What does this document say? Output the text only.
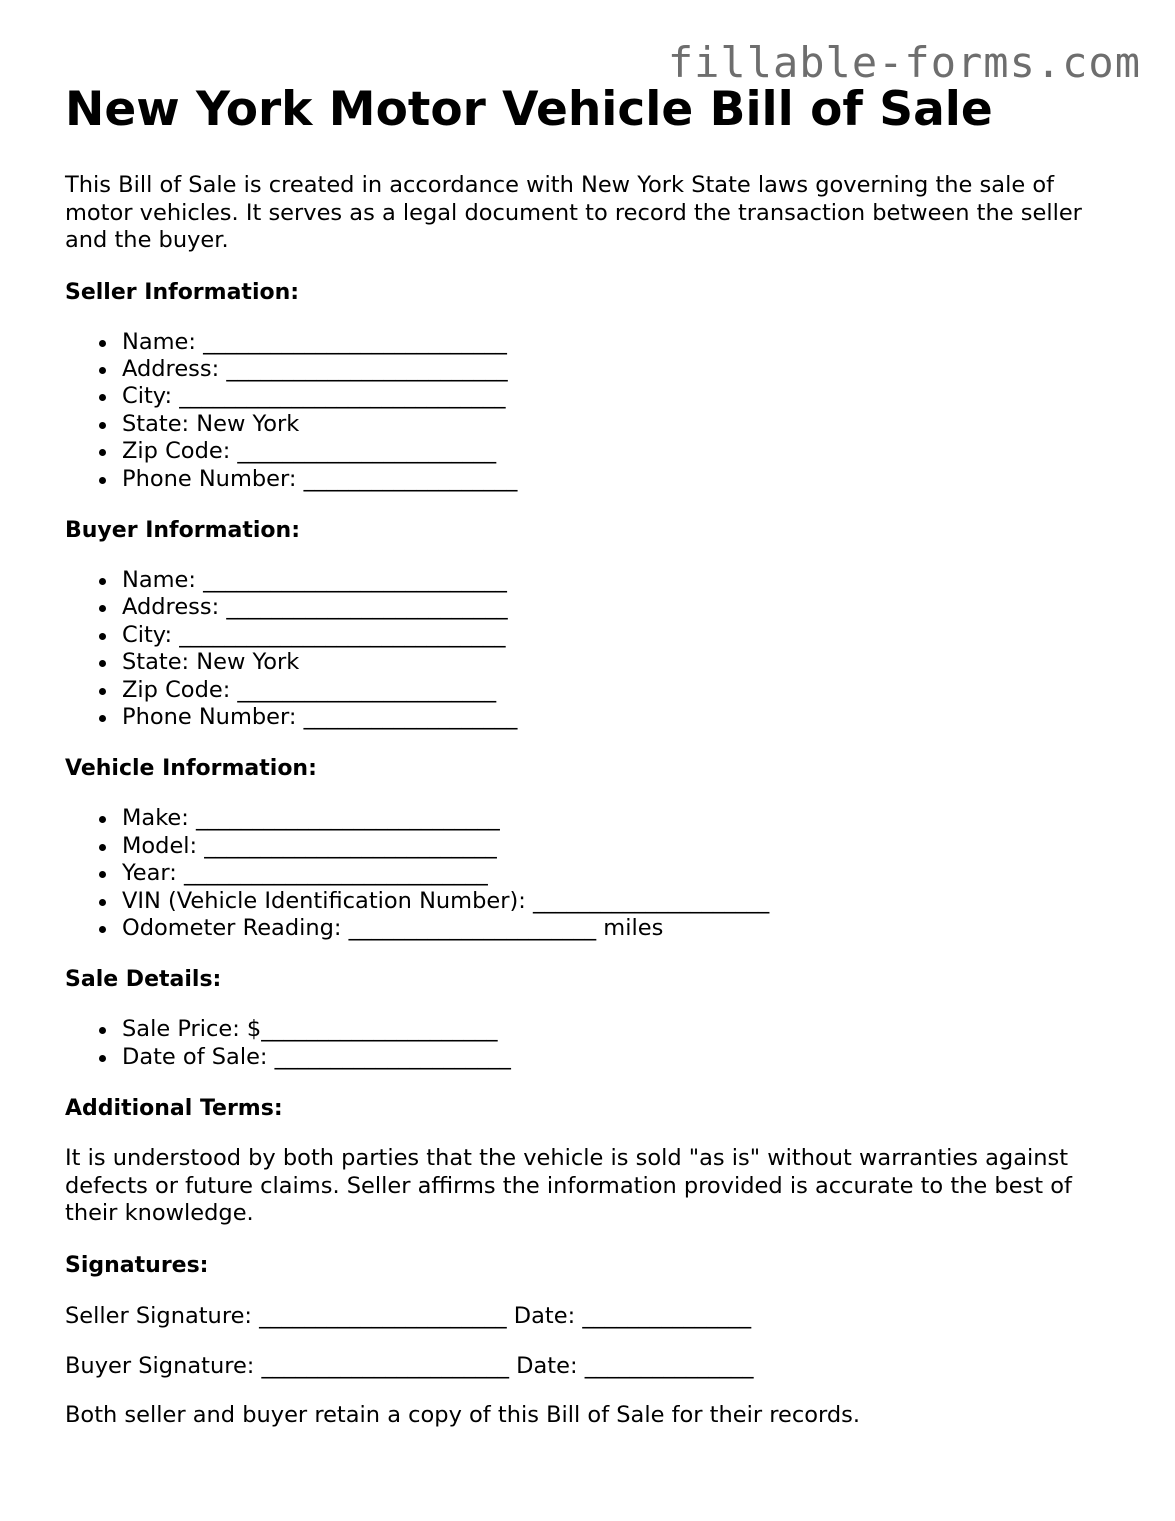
fillable-forms.com
New York Motor Vehicle Bill of Sale

This Bill of Sale is created in accordance with New York State laws governing the sale of motor vehicles. It serves as a legal document to record the transaction between the seller and the buyer.

Seller Information:
Name: ___________________________
Address: _________________________
City: _____________________________
State: New York
Zip Code: _______________________
Phone Number: ___________________
Buyer Information:
Name: ___________________________
Address: _________________________
City: _____________________________
State: New York
Zip Code: _______________________
Phone Number: ___________________
Vehicle Information:
Make: ___________________________
Model: __________________________
Year: ___________________________
VIN (Vehicle Identification Number): _____________________
Odometer Reading: ______________________ miles
Sale Details:
Sale Price: $_____________________
Date of Sale: _____________________
Additional Terms:

It is understood by both parties that the vehicle is sold "as is" without warranties against defects or future claims. Seller affirms the information provided is accurate to the best of their knowledge.

Signatures:

Seller Signature: ______________________ Date: _______________

Buyer Signature: ______________________ Date: _______________

Both seller and buyer retain a copy of this Bill of Sale for their records.
